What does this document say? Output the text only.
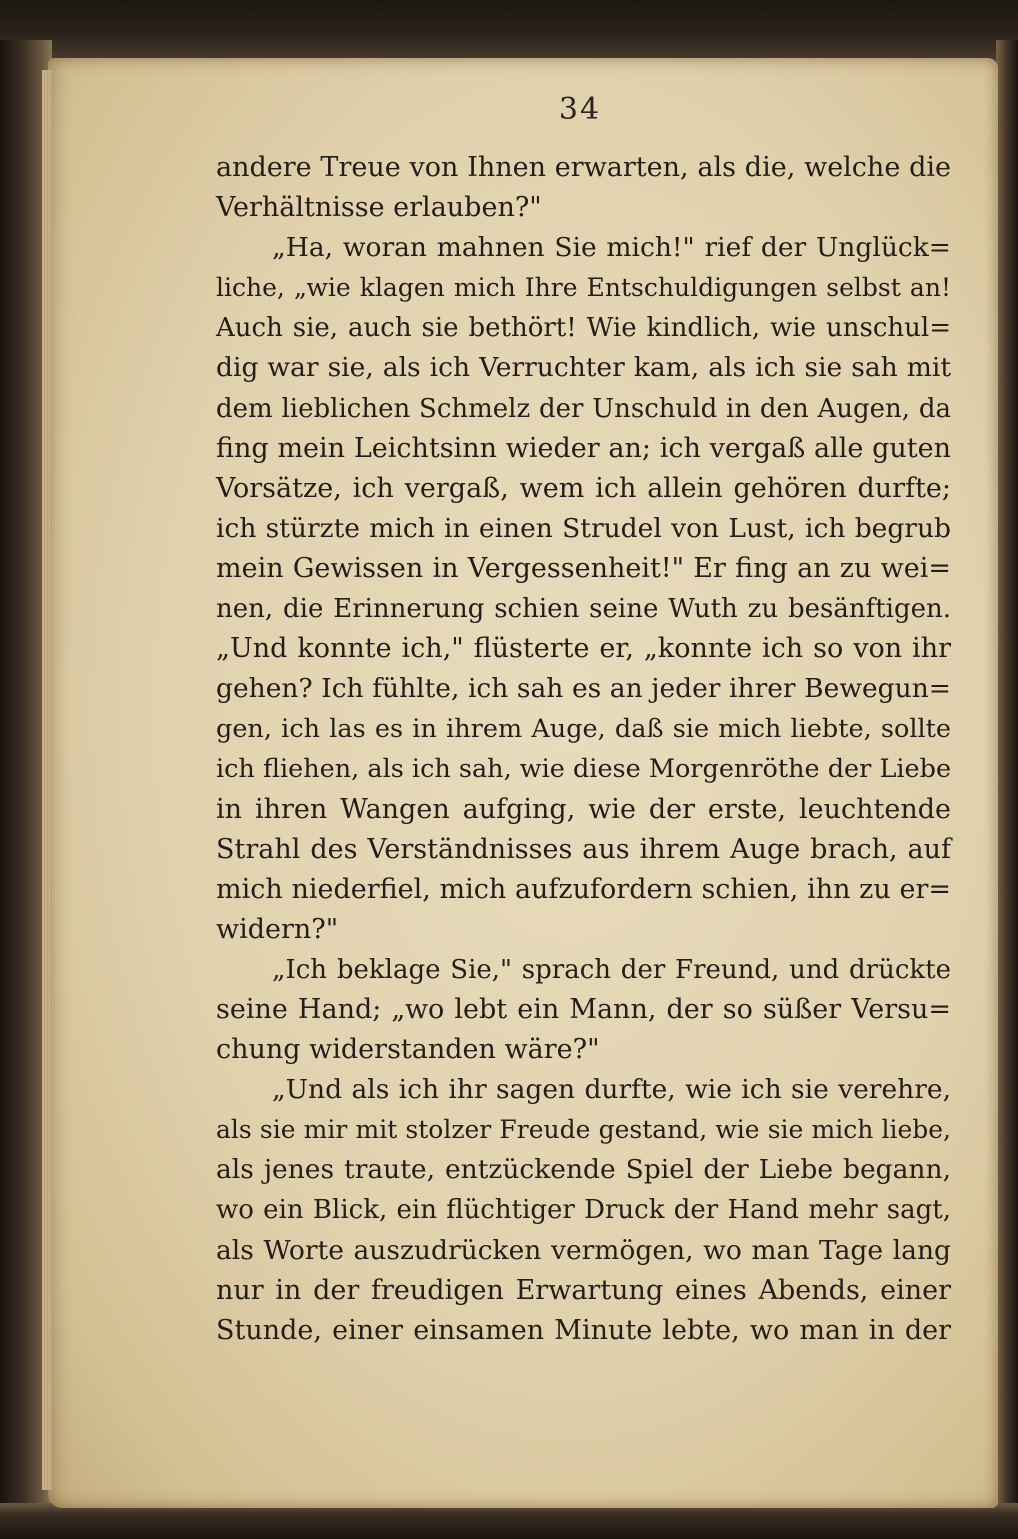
34
andere Treue von Ihnen erwarten, als die, welche die
Verhältnisse erlauben?"
„Ha, woran mahnen Sie mich!" rief der Unglück=
liche, „wie klagen mich Ihre Entschuldigungen selbst an!
Auch sie, auch sie bethört! Wie kindlich, wie unschul=
dig war sie, als ich Verruchter kam, als ich sie sah mit
dem lieblichen Schmelz der Unschuld in den Augen, da
fing mein Leichtsinn wieder an; ich vergaß alle guten
Vorsätze, ich vergaß, wem ich allein gehören durfte;
ich stürzte mich in einen Strudel von Lust, ich begrub
mein Gewissen in Vergessenheit!" Er fing an zu wei=
nen, die Erinnerung schien seine Wuth zu besänftigen.
„Und konnte ich," flüsterte er, „konnte ich so von ihr
gehen? Ich fühlte, ich sah es an jeder ihrer Bewegun=
gen, ich las es in ihrem Auge, daß sie mich liebte, sollte
ich fliehen, als ich sah, wie diese Morgenröthe der Liebe
in ihren Wangen aufging, wie der erste, leuchtende
Strahl des Verständnisses aus ihrem Auge brach, auf
mich niederfiel, mich aufzufordern schien, ihn zu er=
widern?"
„Ich beklage Sie," sprach der Freund, und drückte
seine Hand; „wo lebt ein Mann, der so süßer Versu=
chung widerstanden wäre?"
„Und als ich ihr sagen durfte, wie ich sie verehre,
als sie mir mit stolzer Freude gestand, wie sie mich liebe,
als jenes traute, entzückende Spiel der Liebe begann,
wo ein Blick, ein flüchtiger Druck der Hand mehr sagt,
als Worte auszudrücken vermögen, wo man Tage lang
nur in der freudigen Erwartung eines Abends, einer
Stunde, einer einsamen Minute lebte, wo man in der
